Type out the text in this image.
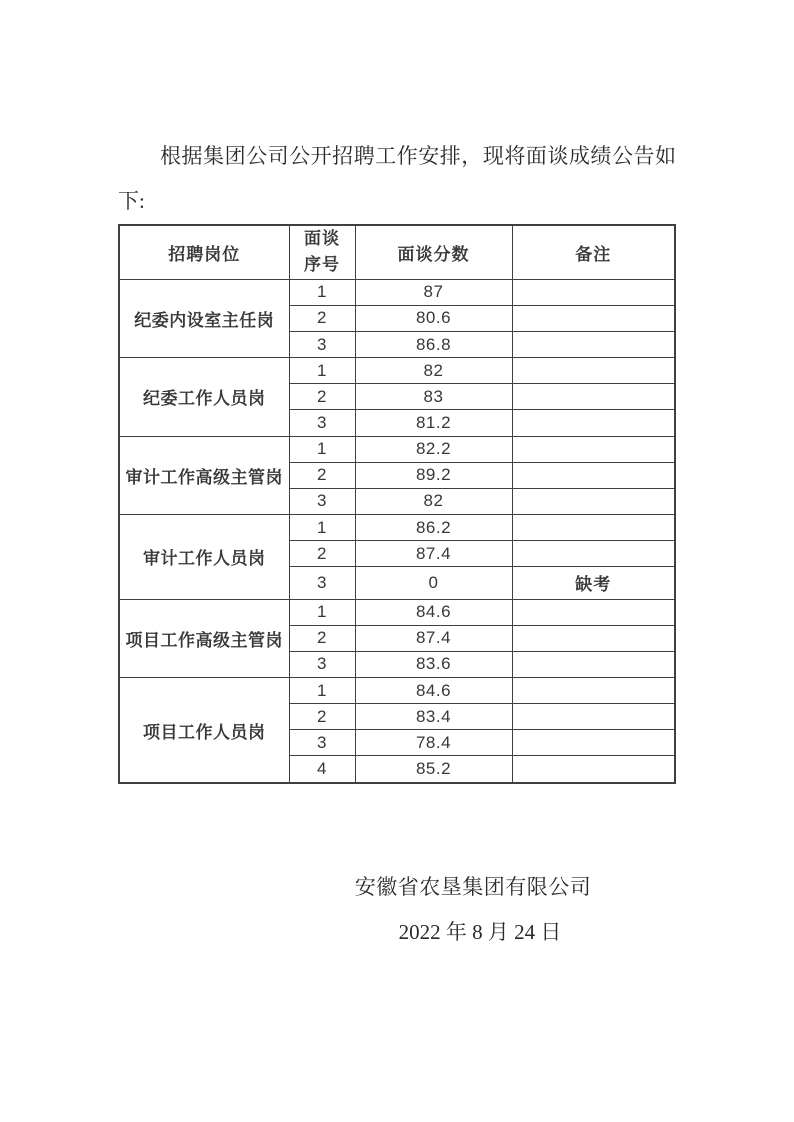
根据集团公司公开招聘工作安排，现将面谈成绩公告如下:

招聘岗位	面谈序号	面谈分数	备注
纪委内设室主任岗	1	87	
	2	80.6	
	3	86.8	
纪委工作人员岗	1	82	
	2	83	
	3	81.2	
审计工作高级主管岗	1	82.2	
	2	89.2	
	3	82	
审计工作人员岗	1	86.2	
	2	87.4	
	3	0	缺考
项目工作高级主管岗	1	84.6	
	2	87.4	
	3	83.6	
项目工作人员岗	1	84.6	
	2	83.4	
	3	78.4	
	4	85.2	
安徽省农垦集团有限公司
2022 年 8 月 24 日
